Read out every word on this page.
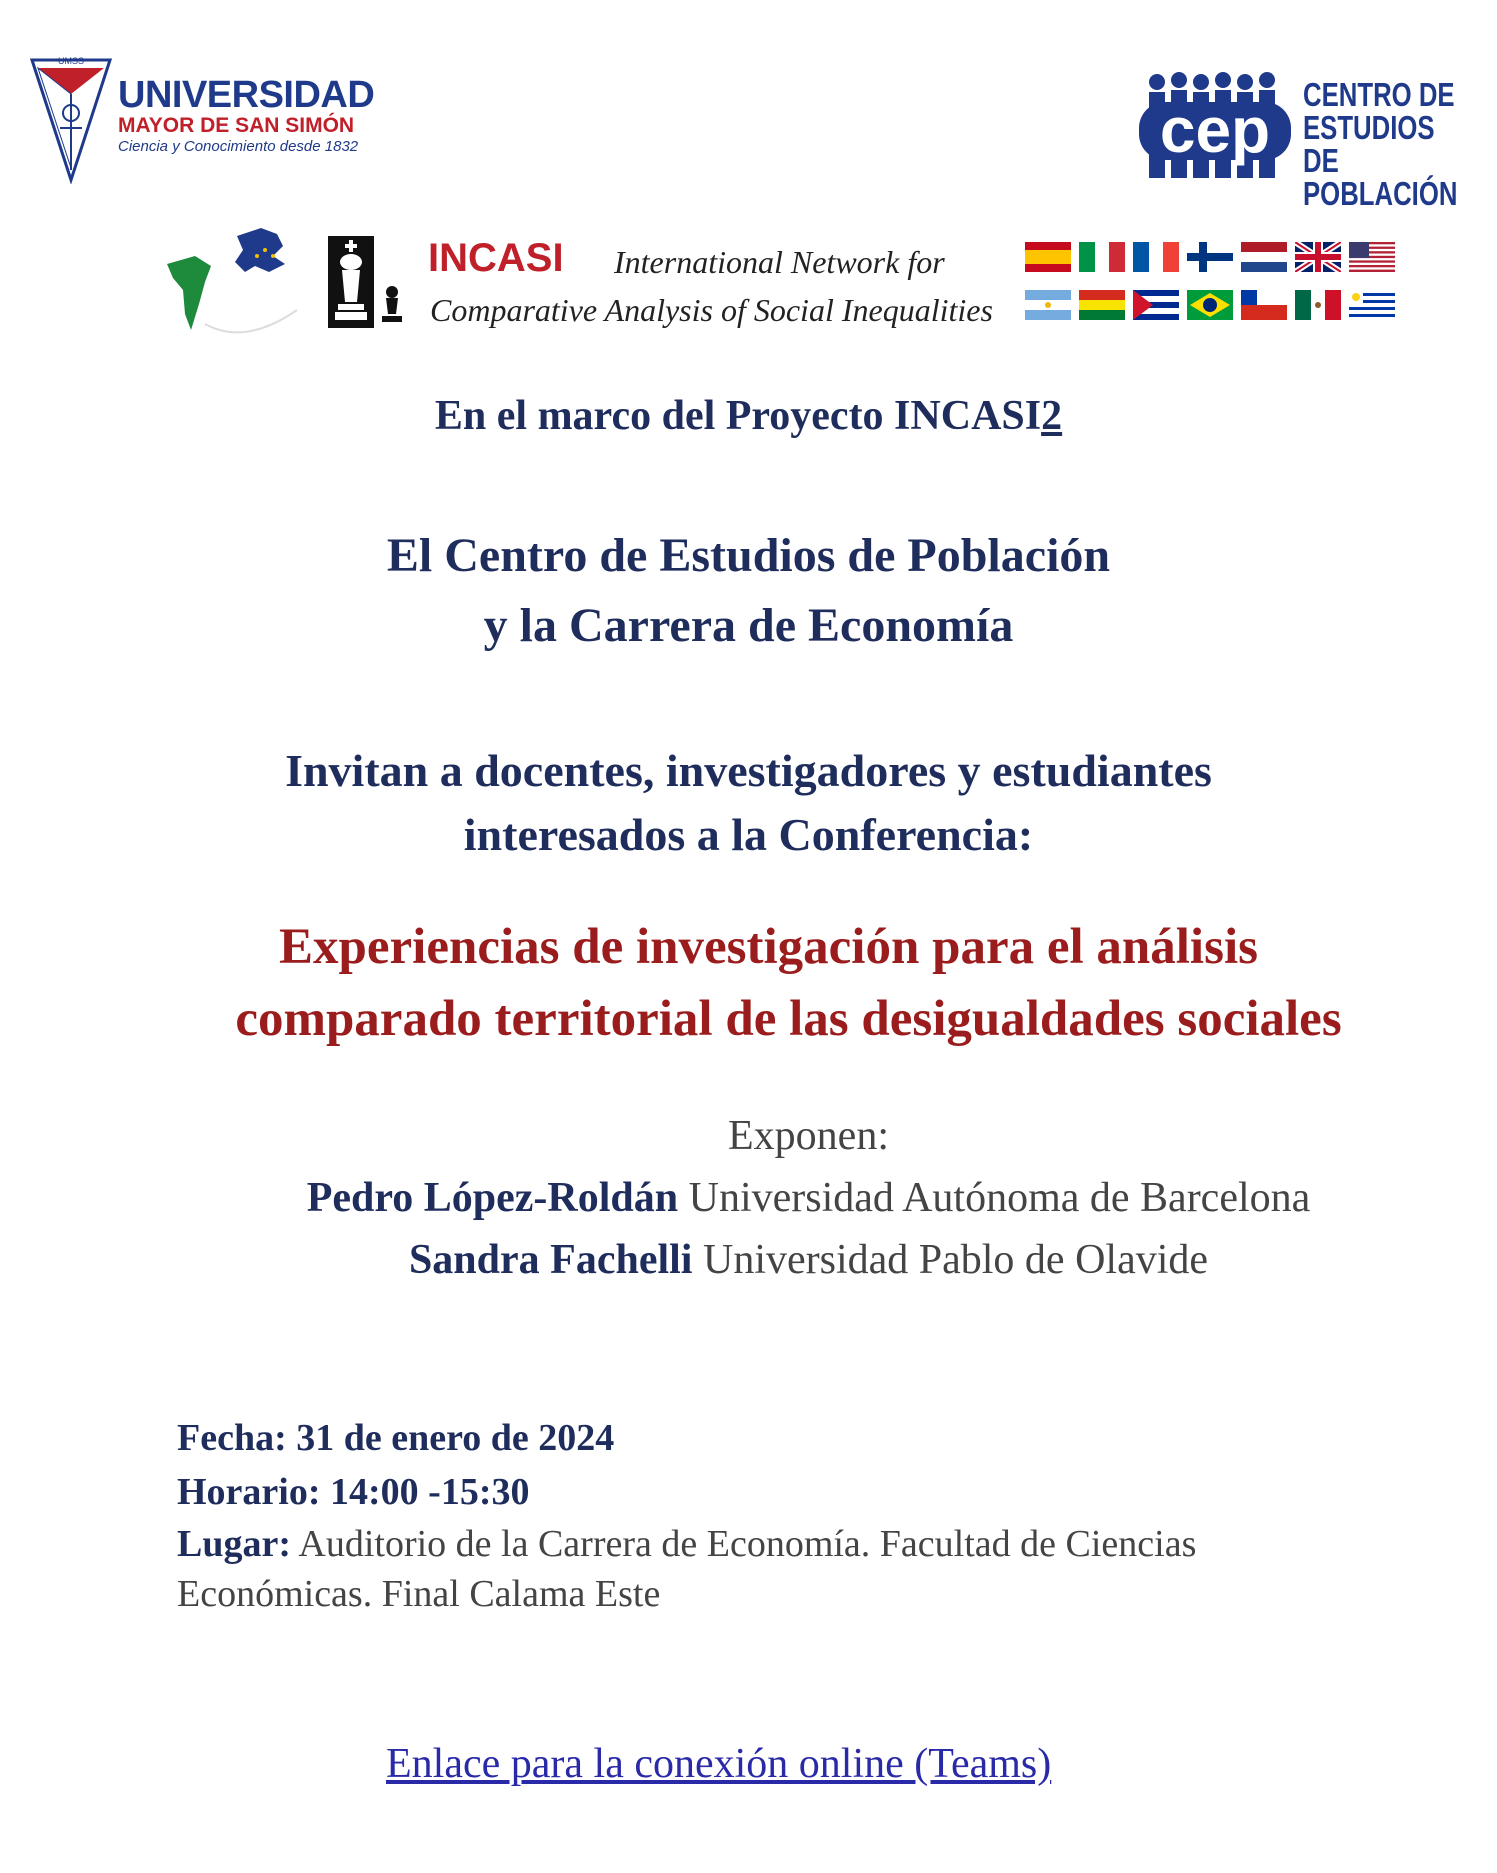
UMSS
UNIVERSIDAD
MAYOR DE SAN SIMÓN
Ciencia y Conocimiento desde 1832	cep CENTRO DE
ESTUDIOS DE
POBLACIÓN
INCASI International Network for
Comparative Analysis of Social Inequalities
En el marco del Proyecto INCASI2
El Centro de Estudios de Población
y la Carrera de Economía
Invitan a docentes, investigadores y estudiantes
interesados a la Conferencia:
Experiencias de investigación para el análisis
comparado territorial de las desigualdades sociales
Exponen:
Pedro López-Roldán Universidad Autónoma de Barcelona
Sandra Fachelli Universidad Pablo de Olavide
Fecha: 31 de enero de 2024
Horario: 14:00 -15:30
Lugar: Auditorio de la Carrera de Economía. Facultad de Ciencias
Económicas. Final Calama Este
Enlace para la conexión online (Teams)
